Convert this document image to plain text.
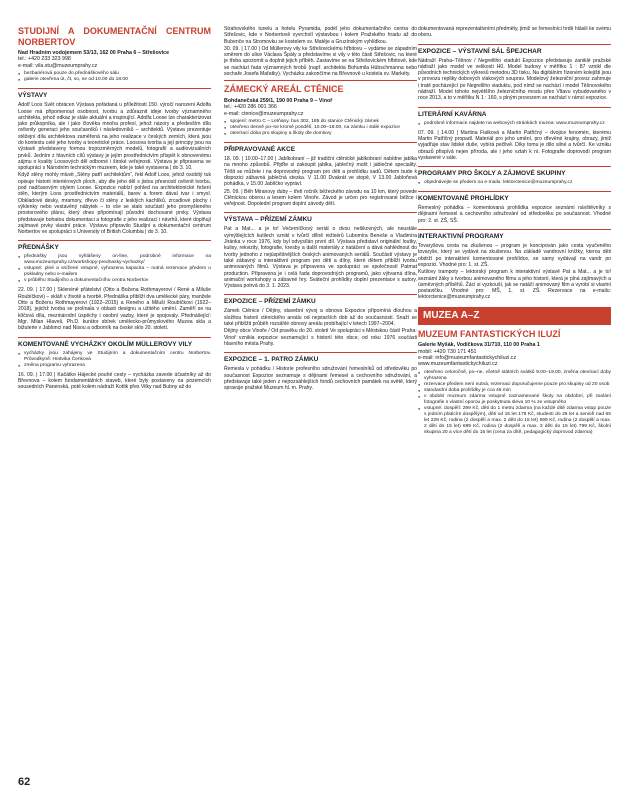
STUDIJNÍ A DOKUMENTAČNÍ CENTRUM NORBERTOV
Nad Hradním vodojemem 53/13, 162 00 Praha 6 – Střešovice
tel.: +420 233 323 998
e-mail: vila.stu@muzeumprahy.cz
● bezbariérová pouze do přednáškového sálu
● galerie otevřena út, čt, so, ne od 10.00 do 18.00
VÝSTAVY

Adolf Loos Svět obrácen Výstava pořádaná u příležitosti 150. výročí narození Adolfa Loose má připomenout osobnost, tvorbu a zdůraznit ideje tvorby významného architekta, jehož odkaz je stále aktuální a inspirující. Adolfa Loose lze charakterizovat jako průkopníka, ale i jako člověka mnoha profesí, jehož názory a především dílo ovlivnily generaci jeho současníků i následovníků – architektů. Výstava prezentuje stěžejní díla architektova zaměřená na jeho realizace v českých zemích, která jsou do kontextu celé jeho tvorby a teoretické práce. Loosova tvorba a její principy jsou na výstavě představeny formou trojrozměrných modelů, fotografií a audiovizuálních prvků. Jedním z hlavních cílů výstavy je jejím prostřednictvím přispět k obnovenému zájmu o kvality Loosových děl odborné i široké veřejnosti. Výstava je připravena ve spolupráci s Národním technickým muzeem, kde je také vystavena | do 3. 10.

Když stěny mohly mluvit „Stěny patří architektům“, řekl Adolf Loos, jehož osobitý tuk opisuje historii interiérových ploch, aby dle jeho děl s jistou přesností ovlivnit tvorbu, pod nadčasovým stylem Loose. Expozice nabízí pohled na architektonické řešení stěn, kterým Loos prostřednictvím materiálů, barev a forem dával tvar i smysl. Obkladové desky, mramory, dřevo či stěny z lesklých kachlíků, zrcadlové plochy i výklenky nebo vestavěný nábytek – to vše se stalo součástí jeho promyšleného prostorového plánu, který dnes připomínají původní dochované prvky. Výstava představuje bohatou dokumentaci a fotografie z jeho realizací i návrhů, které doplňují zajímavé prvky vlastní práce. Výstavu připravilo Studijní a dokumentační centrum Norbertov ve spolupráci s University of British Columbia | do 3. 10.

PŘEDNÁŠKY
● přednášky jsou vyhlášeny on-line, podrobné informace na www.muzeumprahy.cz/workshopy-prednasky-vychazky/
● vstupné: plné a snížené vstupné, vyhrazena kapacita – nutná rezervace předem u pokladny nebo e-mailem
● v průběhu Studijního a dokumentačního centra Norbertov

22. 09. | 17.00 | Sklenéně přátelství (Otto a Božena Rothmayerovi / René a Miluše Roubíčkovi) – skláři v životě a tvorbě. Přednáška přiblíží dva umělecké páry, manžele Otto a Boženu Rothmayerovi (1922–2015) a Reného a Miluši Roubíčkovi (1922–2018), jejichž tvorba se prolínala v oblasti designu a užitého umění. Zaměří se na klíčová díla, mezinárodní úspěchy i osobní vazby, které je spojovaly. Přednášející: Mgr. Milan Hlaveš, Ph.D. kurátor sbírek umělecko-průmyslového Muzea skla a bižuterie v Jablonci nad Nisou a odborník na české sklo 20. století.

KOMENTOVANÉ VYCHÁZKY OKOLÍM MÜLLEROVY VILY
● vycházky jsou zahájeny ve Studijním a dokumentačním centru Norbertov. Průvodkyně: Hedvika Čenková
● změna programu vyhrazena

16. 09. | 17.00 | Kačátko Hájecké pouhé cesty – vycházka zavede účastníky až do Břevnova – kolem fundamentálních staveb, které byly postaveny na pozemcích sousedních Panenská, poté kolem nádraží Kotlik přes Vilky nad Bubny až do

Strahovského tunelu a hotelu Pyramida, podél jeho dokumentačního centra do Střešovic, kde v Norbertově vyvrcholí výstavbou i kolem Pražského hradu až do Bubenče na Stromovku se kostelem sv. Matěje a Gruzínským vyhlídkou.

30. 09. | 17.00 | Od Müllerovy vily ke Střešovickému hřbitovu – vydáme se západním směrem do ulice Václava Špály a představíme si vily v této části Střešovic, na které je třeba upozornit a doplnit jejich příběh. Zastavíme se na Střešovickém hřbitově, kde se nachází řada významných hrobů (např. architekta Bohumila Hübschmanna nebo sochaře Josefa Mařatky). Vycházku zakončíme na Břevnově u kostela sv. Markéty.

ZÁMECKÝ AREÁL CTĚNICE
Bohdanečská 259/1, 190 00 Praha 9 – Vinoř
tel.: +420 286 001 366
e-mail: ctenice@muzeumprahy.cz
● spojení: metro C – Letňany, bus 302, 185 do stanice Ctěnický zámek
● otevřeno denně po–ne kromě pondělí, 10.00–18.00, na zámku i stálé expozice
● otevírací doba pro skupiny a školy dle domluvy
PŘIPRAVOVANÉ AKCE

18. 09. | 10.00–17.00 | Jablkobraní – již tradiční ctěnické jablkobraní nabídne jablka na mnoho způsobů. Přijďte si zakoupit jablka, jablečný mošt i jablečné speciality. Těšit se můžete i na doprovodný program pro děti a prohlídku sadů. Dětem bude k dispozici zábavná jablečná stezka. V 11.00 Dvakrát ve stopě, V 13.00 Jabloňová pohádka, v 15.00 Jablíčko vypráví.

25. 09. | Běh Miranovy duby – třetí ročník běžeckého závodu na 10 km, který povede Ctěnickou oborou a lesem kolem Vinoře. Závod je určen pro registrované běžce i veřejnost. Dopolední program doplní závody dětí.

VÝSTAVA – PŘÍZEMÍ ZÁMKU

Pat a Mat... a je to! Večerníčkový seriál o dvou nešikovných, ale neustále vymýšlejících kutilech vznikl v tvůrčí dílně režisérů Lubomíra Beneše a Vladimíra Jiránka v roce 1976, kdy byl odvysílán první díl. Výstava představí originální loutky, kulisy, rekvizity, fotografie, kresby a další materiály z natáčení a dává nahlédnout do tvorby jednoho z nejúspěšnějších českých animovaných seriálů. Součástí výstavy je také zábavný a interaktivní program pro děti a dílny, které dětem přiblíží tvorbu animovaných filmů. Výstava je připravena ve spolupráci se společností Patmat production. Připravena je i celá řada doprovodných programů, jako výtvarná dílna, animační workshopy a zábavné hry. Sváteční prohlídky doplní prezentace s autory. Výstava potrvá do 3. 1. 2023.

EXPOZICE – PŘÍZEMÍ ZÁMKU

Zámek Ctěnice / Dějiny, stavební vývoj a obnova Expozice připomíná dlouhou a složitou historii ctěnického areálu od nejstarších dob až do současnosti. Snaží se také přiblížit průběh rozsáhlé obnovy areálu probíhající v letech 1997–2004.

Dějiny obce Vinoře / Od pravěku do 20. století Ve spolupráci s Městskou částí Praha-Vinoř vznikla expozice seznamující s historií této obce, od roku 1976 součásti hlavního města Prahy.

EXPOZICE – 1. PATRO ZÁMKU

Řemesla v pohádku / Historie profesního sdružování řemeslníků od středověku po současnost Expozice seznamuje s dějinami řemesel a cechovního sdružování, a představuje také jeden z nejrozsáhlejších fondů cechovních památek na světě, který spravuje pražské Muzeum hl. m. Prahy.

dokumentovaná reprezentativními předměty, jimiž se řemeslníci hrdě hlásili ke svému oboru.

EXPOZICE – VÝSTAVNÍ SÁL ŠPEJCHAR

Nádraží Praha–Těšnov / Negrelliho viadukt Expozice představuje zaniklé pražské nádraží jako model ve velikosti H0. Model budovy v měřítku 1 : 87 vznikl dle původních technických výkresů metodou 3D tisku. Na digitálním řízeném kolejišti jsou v provozu repliky dobových vlakových souprav. Modelový železniční provoz zahrnuje i tratě pocházející po Negrelliho viaduktu, pod nímž se nachází i model Těšnovského nádraží. Model tohoto největšího železničního mostu přes Vltavu vybudovaného v roce 2013, a to v měřítku N 1 : 160, s plným provozem se nachází v rámci expozice.

LITERÁRNÍ KAVÁRNA
● podrobné informace najdete na webových stránkách muzea: www.muzeumprahy.cz

07. 09. | 14.00 | Martina Fialková a Martin Patřičný – dvojice fenomén, kterému Martin Patřičný propadl. Materiál pro jeho umění, pro dřevěné krajiny, obrazy, jimiž vyjadřuje stav lidské duše, vybírá pečlivě. Díky tomu je dílo silné a tvůrčí. Ke vzniku obrazů přispívá nejen příroda, ale i jeho vztah k ní. Fotografie doprovodí program vystavené v sále.

PROGRAMY PRO ŠKOLY A ZÁJMOVÉ SKUPINY
● objednávejte se předem na e-mailu: lektorctenice@muzeumprahy.cz
KOMENTOVANÉ PROHLÍDKY

Řemeslný pohádka – komentovaná prohlídka expozice seznámí návštěvníky s dějinami řemesel a cechovního sdružování od středověku po současnost. Vhodné pro: 2. st. ZŠ, SŠ.

INTERAKTIVNÍ PROGRAMY

Tovaryšova cesta na zkušenou – program je koncipován jako cesta vyučeného tovaryše, který se vydává na zkušenou. Na základě vandrovní knížky, kterou děti obdrží po interaktivní komentované prohlídce, se samy vydávají na vandr po expozici. Vhodné pro: 1. st. ZŠ.

Kutilovy trampoty – lektorský program k interaktivní výstavě Pat a Mat... a je to! seznámí žáky s tvorbou animovaného filmu a jeho historií, která je plná zajímavých a úsměvných příběhů. Žáci si vyzkouší, jak se natáčí animovaný film a vyrobí si vlastní postavičku. Vhodné pro: MŠ, 1. st. ZŠ. Rezervace na e-mailu: lektorctenice@muzeumprahy.cz

MUZEA A–Z
MUZEUM FANTASTICKÝCH ILUZÍ
Galerie Myšák, Vodičkova 31/710, 110 00 Praha 1
mobil: +420 730 171 451
e-mail: info@muzeumfantastickychiluzi.cz
www.muzeumfantastickychiluzi.cz
● otevřeno celoročně, po–ne, včetně státních svátků 9.00–19.00, změna otevírací doby vyhrazena
● rezervace předem není nutná, rezervaci doporučujeme pouze pro skupiny od 20 osob
● standardní doba prohlídky je cca 45 min
● v období muzeum zdarma vstupné zaznamenané školy na obdobní, při zaslání fotografie s vlastní oporou je poskytnuta sleva 10 % ze vstupného
● vstupné: dospělí: 299 Kč, děti do 1 metru zdarma (na každé dítě zdarma vstup pouze s jedním platícím dospělým), děti od 15 let 179 Kč, studenti do 26 let a senioři nad 65 let 229 Kč, rodina (2 dospělí a max. 2 děti do 15 let) 599 Kč, rodina (2 dospělí a max. 2 děti do 15 let) 699 Kč, rodina (2 dospělí a max. 3 děti do 15 let) 799 Kč, školní skupina 20 a více dětí do 15 let (cena za dítě, pedagogický doprovod zdarma)
62
